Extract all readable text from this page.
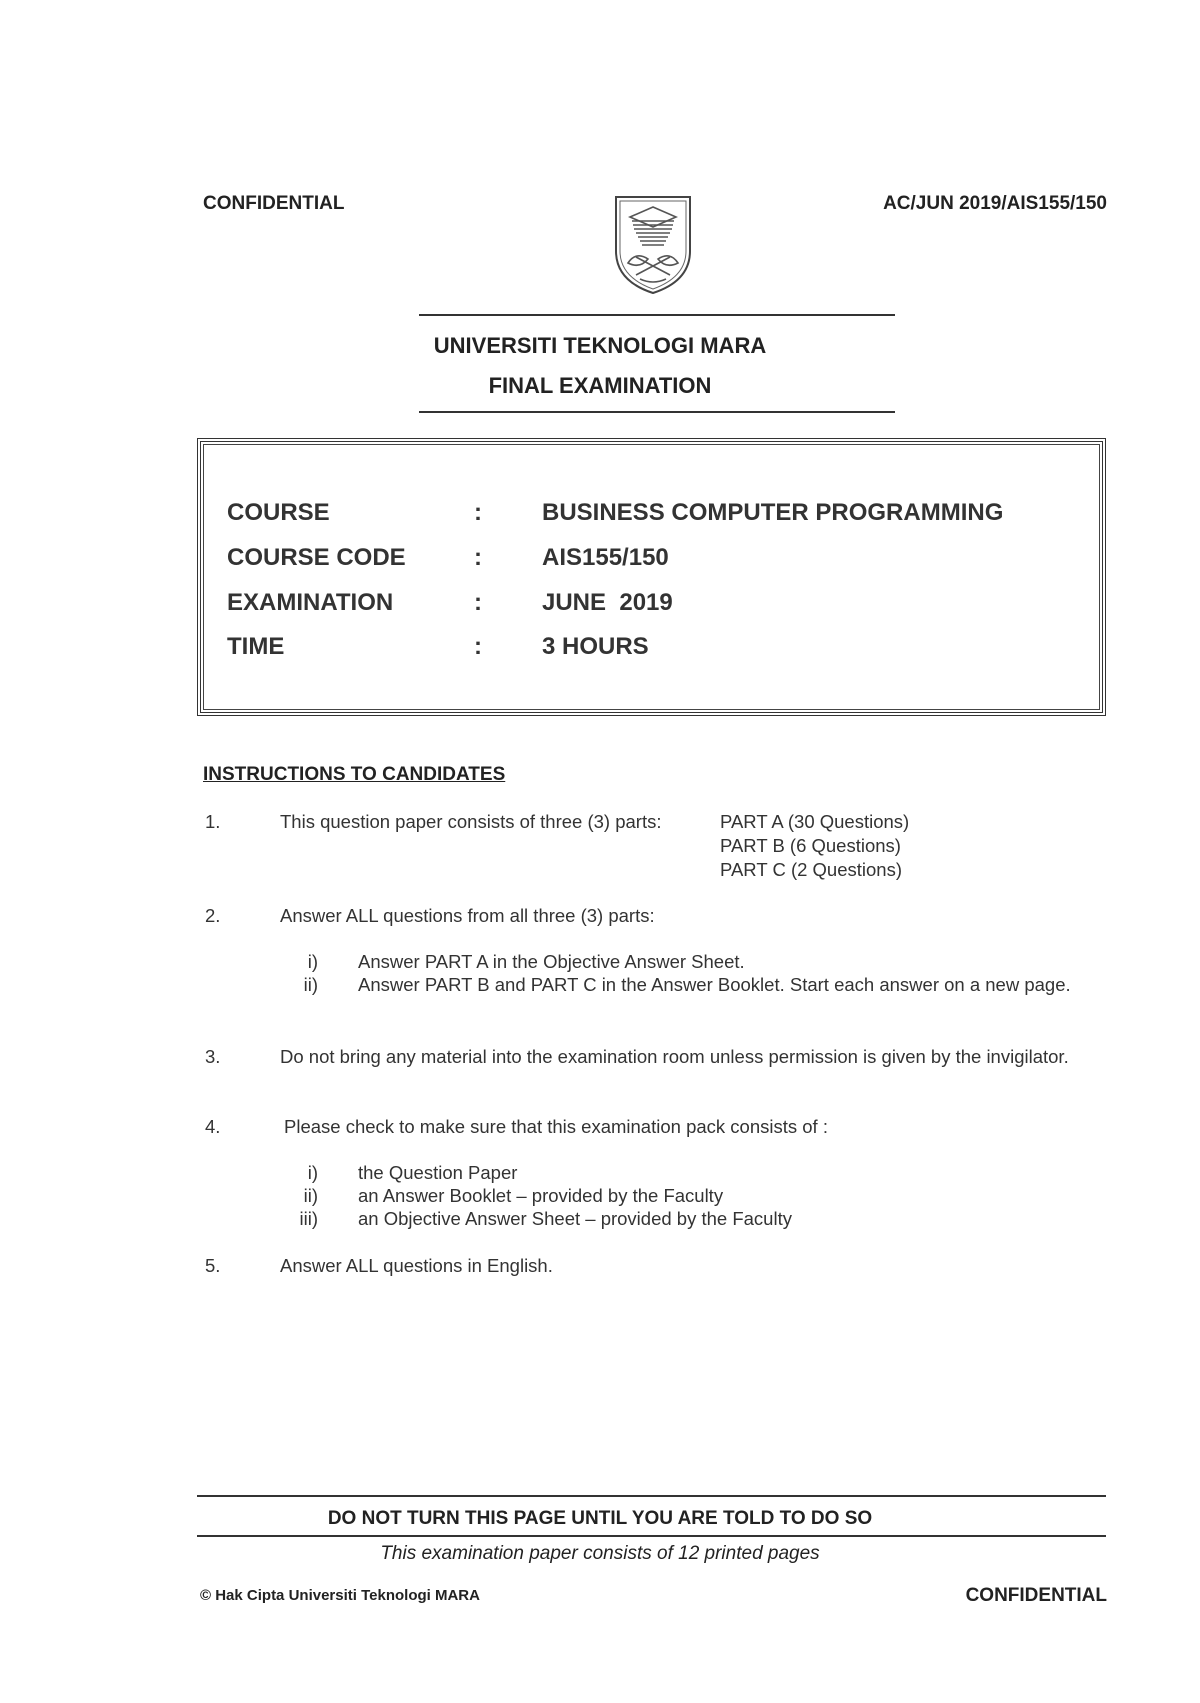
CONFIDENTIAL	AC/JUN 2019/AIS155/150
UNIVERSITI TEKNOLOGI MARA
FINAL EXAMINATION
COURSE	:	BUSINESS COMPUTER PROGRAMMING
COURSE CODE	:	AIS155/150
EXAMINATION	:	JUNE  2019
TIME	:	3 HOURS
INSTRUCTIONS TO CANDIDATES
1.	This question paper consists of three (3) parts:	PART A (30 Questions)
PART B (6 Questions)
PART C (2 Questions)
2.	Answer ALL questions from all three (3) parts:
i) Answer PART A in the Objective Answer Sheet.
ii) Answer PART B and PART C in the Answer Booklet. Start each answer on a new page.
3.	Do not bring any material into the examination room unless permission is given by the invigilator.
4.	Please check to make sure that this examination pack consists of :
i) the Question Paper
ii) an Answer Booklet – provided by the Faculty
iii) an Objective Answer Sheet – provided by the Faculty
5.	Answer ALL questions in English.
DO NOT TURN THIS PAGE UNTIL YOU ARE TOLD TO DO SO
This examination paper consists of 12 printed pages
© Hak Cipta Universiti Teknologi MARA	CONFIDENTIAL
